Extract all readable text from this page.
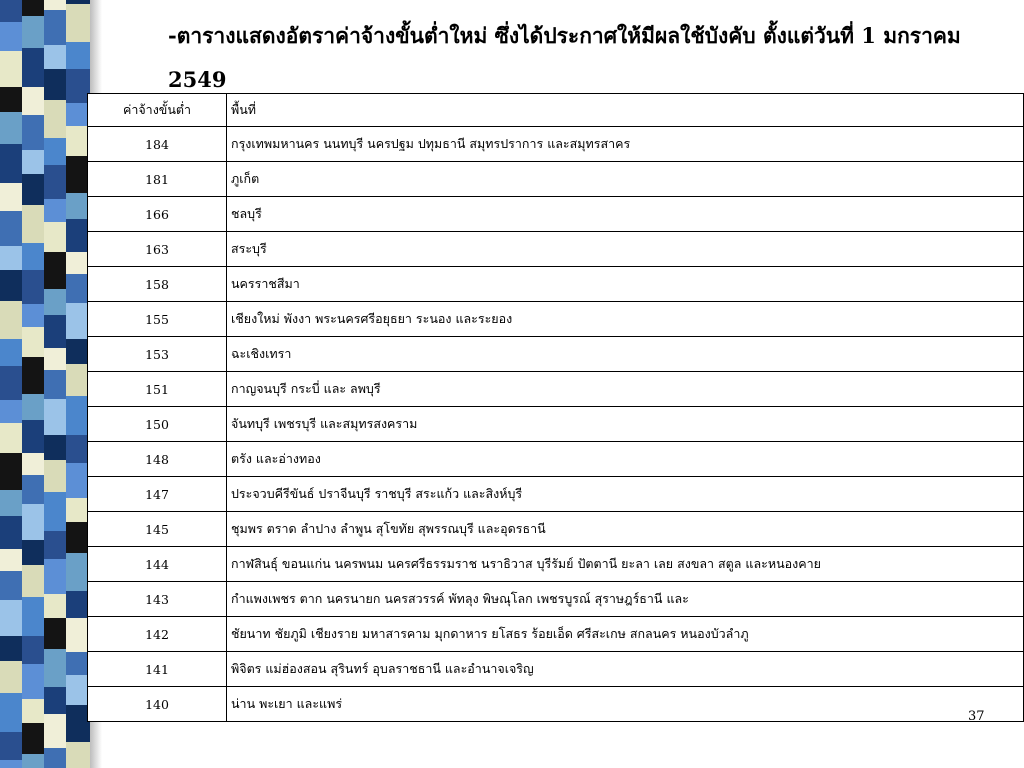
-ตารางแสดงอัตราค่าจ้างขั้นต่ำใหม่ ซึ่งได้ประกาศให้มีผลใช้บังคับ ตั้งแต่วันที่ 1 มกราคม 2549
ค่าจ้างขั้นต่ำ	พื้นที่
184	กรุงเทพมหานคร นนทบุรี นครปฐม ปทุมธานี สมุทรปราการ และสมุทรสาคร
181	ภูเก็ต
166	ชลบุรี
163	สระบุรี
158	นครราชสีมา
155	เชียงใหม่ พังงา พระนครศรีอยุธยา ระนอง และระยอง
153	ฉะเชิงเทรา
151	กาญจนบุรี กระบี่ และ ลพบุรี
150	จันทบุรี เพชรบุรี และสมุทรสงคราม
148	ตรัง และอ่างทอง
147	ประจวบคีรีขันธ์ ปราจีนบุรี ราชบุรี สระแก้ว และสิงห์บุรี
145	ชุมพร ตราด ลำปาง ลำพูน สุโขทัย สุพรรณบุรี และอุดรธานี
144	กาฬสินธุ์ ขอนแก่น นครพนม นครศรีธรรมราช นราธิวาส บุรีรัมย์ ปัตตานี ยะลา เลย สงขลา สตูล และหนองคาย
143	กำแพงเพชร ตาก นครนายก นครสวรรค์ พัทลุง พิษณุโลก เพชรบูรณ์ สุราษฎร์ธานี และ
142	ชัยนาท ชัยภูมิ เชียงราย มหาสารคาม มุกดาหาร ยโสธร ร้อยเอ็ด ศรีสะเกษ สกลนคร หนองบัวลำภู
141	พิจิตร แม่ฮ่องสอน สุรินทร์ อุบลราชธานี และอำนาจเจริญ
140	น่าน พะเยา และแพร่
37
